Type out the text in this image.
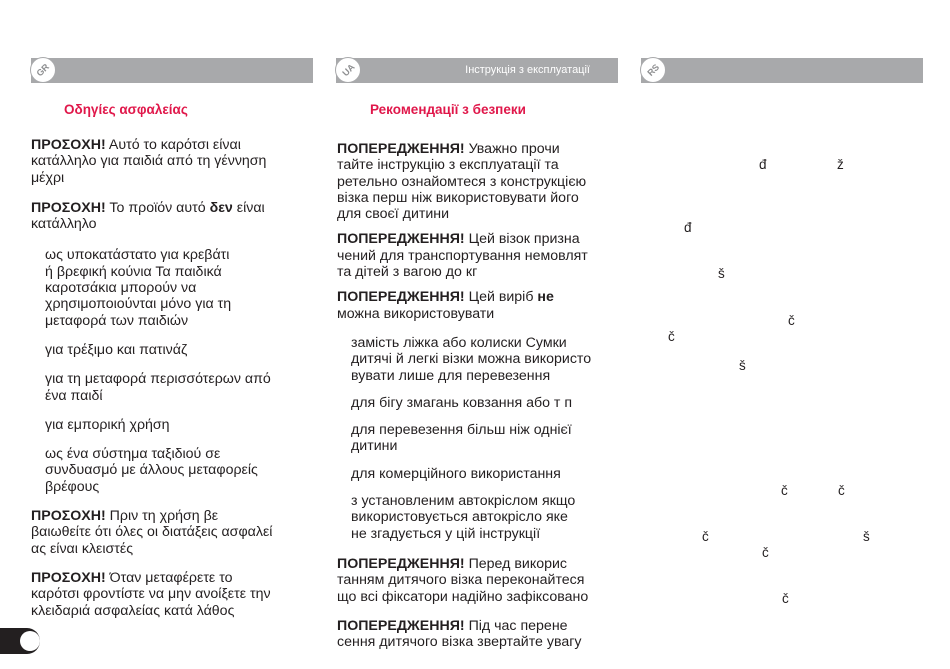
GR	UA	Інструкція з експлуатації	RS
Οδηγίες ασφαλείας	Рекомендації з безпеки

ΠΡΟΣΟΧΗ! Αυτό το καρότσι είναι
κατάλληλο για παιδιά από τη γέννηση
μέχρι

ΠΡΟΣΟΧΗ! Το προϊόν αυτό δεν είναι
κατάλληλο

ως υποκατάστατο για κρεβάτι
ή βρεφική κούνια Τα παιδικά
καροτσάκια μπορούν να
χρησιμοποιούνται μόνο για τη
μεταφορά των παιδιών

για τρέξιμο και πατινάζ

για τη μεταφορά περισσότερων από
ένα παιδί

για εμπορική χρήση

ως ένα σύστημα ταξιδιού σε
συνδυασμό με άλλους μεταφορείς
βρέφους

ΠΡΟΣΟΧΗ! Πριν τη χρήση βε
βαιωθείτε ότι όλες οι διατάξεις ασφαλεί
ας είναι κλειστές

ΠΡΟΣΟΧΗ! Όταν μεταφέρετε το
καρότσι φροντίστε να μην ανοίξετε την
κλειδαριά ασφαλείας κατά λάθος

ПОПЕРЕДЖЕННЯ! Уважно прочи
тайте інструкцію з експлуатації та
ретельно ознайомтеся з конструкцією
візка перш ніж використовувати його
для своєї дитини

ПОПЕРЕДЖЕННЯ! Цей візок призна
чений для транспортування немовлят
та дітей з вагою до кг

ПОПЕРЕДЖЕННЯ! Цей виріб не
можна використовувати

замість ліжка або колиски Сумки
дитячі й легкі візки можна використо
вувати лише для перевезення

для бігу змагань ковзання або т п

для перевезення більш ніж однієї
дитини

для комерційного використання

з установленим автокріслом якщо
використовується автокрісло яке
не згадується у цій інструкції

ПОПЕРЕДЖЕННЯ! Перед викорис
танням дитячого візка переконайтеся
що всі фіксатори надійно зафіксовано

ПОПЕРЕДЖЕННЯ! Під час перене
сення дитячого візка звертайте увагу

đ	ž
đ
š
č
č
š
č	č
č	š
č
č
